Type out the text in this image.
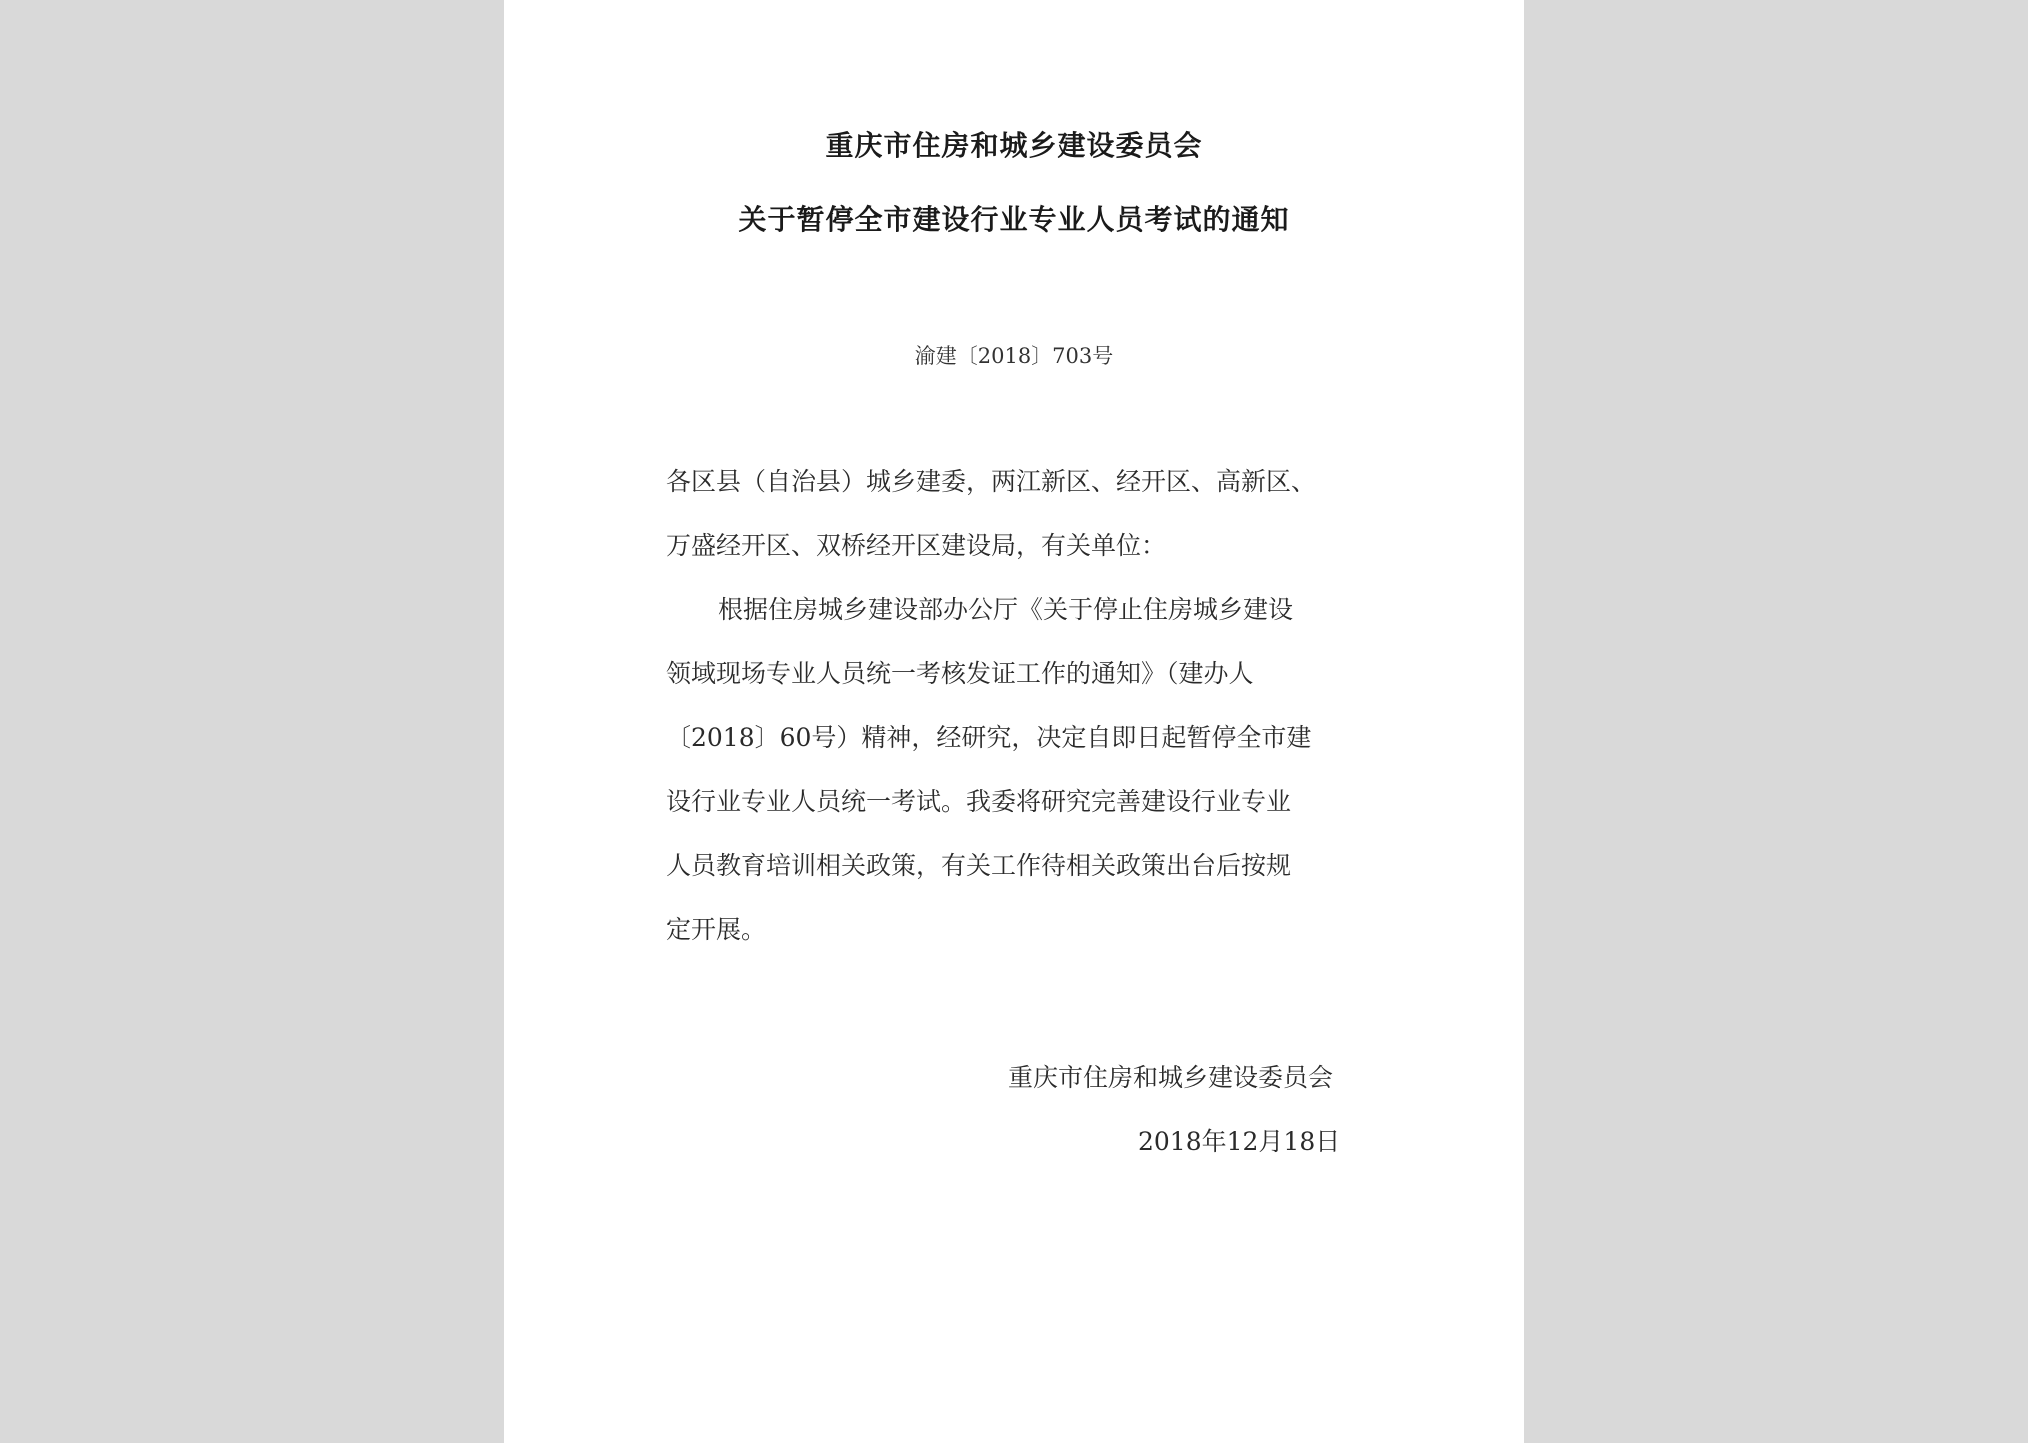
重庆市住房和城乡建设委员会
关于暂停全市建设行业专业人员考试的通知
渝建〔2018〕703号
各区县（自治县）城乡建委，两江新区、经开区、高新区、
万盛经开区、双桥经开区建设局，有关单位：
根据住房城乡建设部办公厅《关于停止住房城乡建设
领域现场专业人员统一考核发证工作的通知》（建办人
〔2018〕60号）精神，经研究，决定自即日起暂停全市建
设行业专业人员统一考试。我委将研究完善建设行业专业
人员教育培训相关政策，有关工作待相关政策出台后按规
定开展。
重庆市住房和城乡建设委员会
2018年12月18日
